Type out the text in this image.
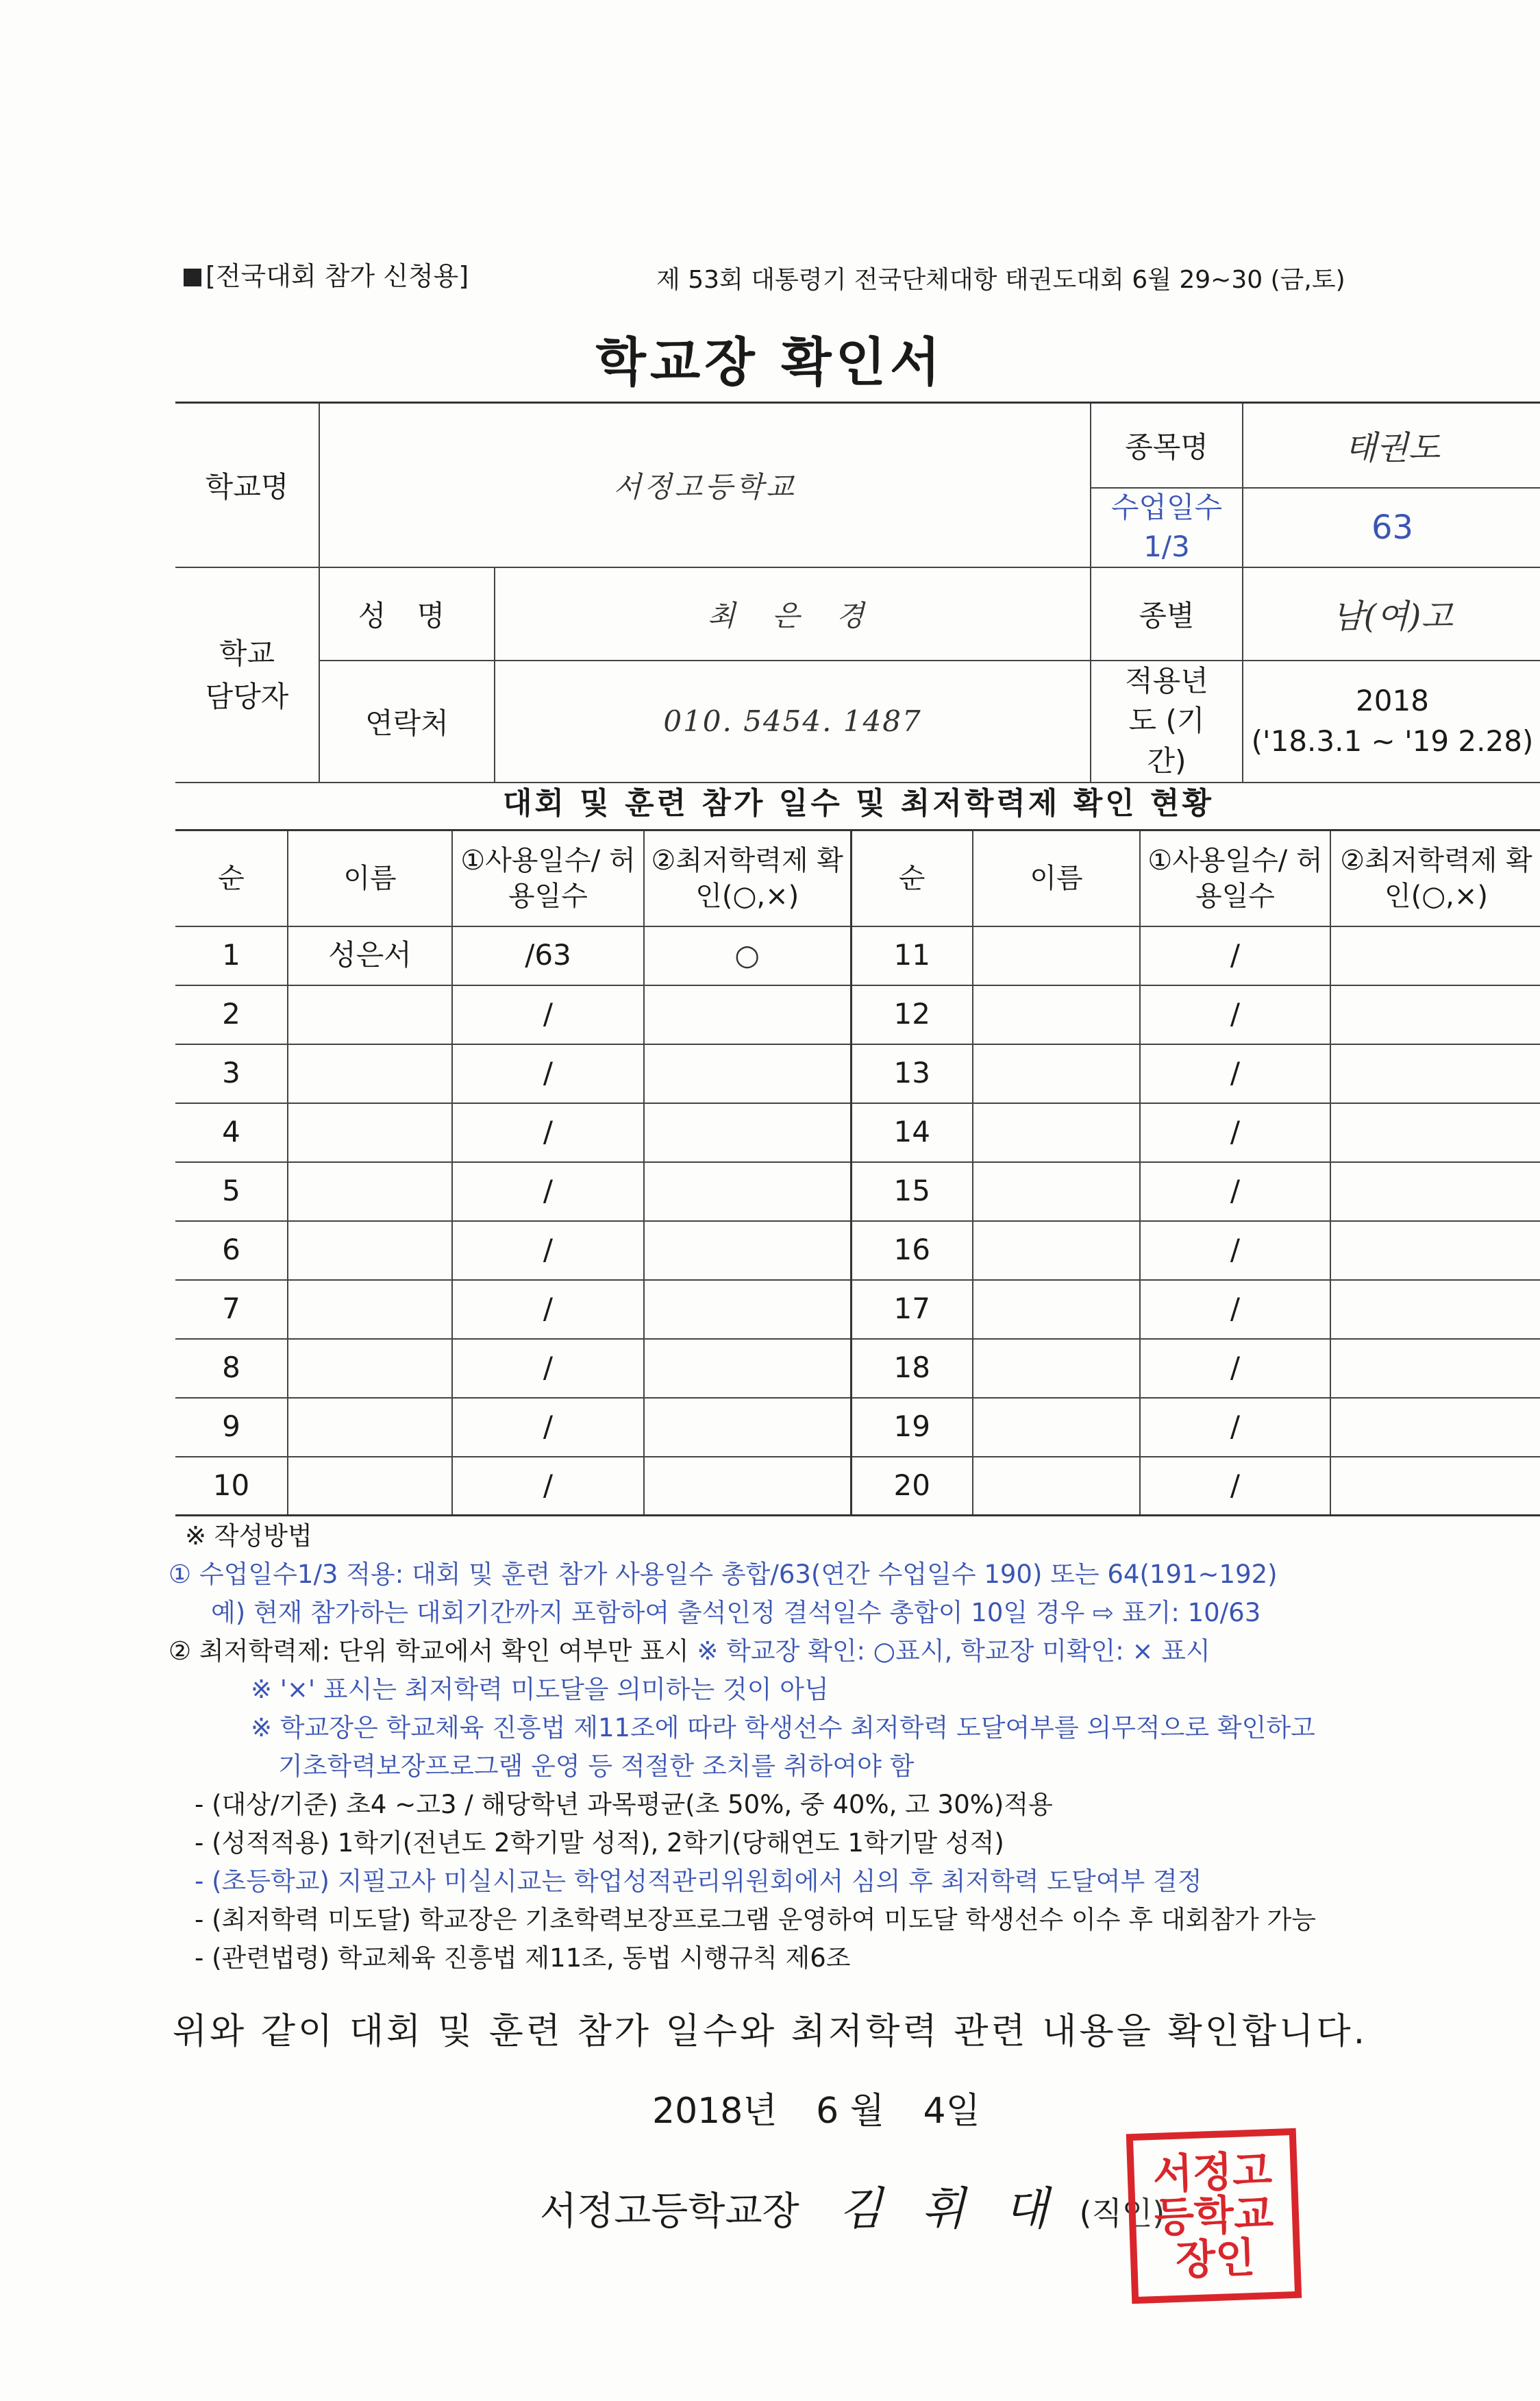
[전국대회 참가 신청용]	제 53회 대통령기 전국단체대항 태권도대회 6월 29~30 (금,토)
학교장 확인서
학교명	서정고등학교		종목명	태권도
			수업일수 1/3	63
학교 담당자	성 명	최 은 경	종별	남(여)고
	연락처	010. 5454. 1487	적용년도 (기간)	2018
('18.3.1 ~ '19 2.28)
대회 및 훈련 참가 일수 및 최저학력제 확인 현황
순	이름	①사용일수/ 허용일수	②최저학력제 확인(○,×)	순	이름	①사용일수/ 허용일수	②최저학력제 확인(○,×)
1	성은서	/63	○	11		/	
2		/		12		/	
3		/		13		/	
4		/		14		/	
5		/		15		/	
6		/		16		/	
7		/		17		/	
8		/		18		/	
9		/		19		/	
10		/		20		/	
※ 작성방법
① 수업일수1/3 적용: 대회 및 훈련 참가 사용일수 총합/63(연간 수업일수 190) 또는 64(191~192)
예) 현재 참가하는 대회기간까지 포함하여 출석인정 결석일수 총합이 10일 경우 ⇨ 표기: 10/63
② 최저학력제: 단위 학교에서 확인 여부만 표시 ※ 학교장 확인: ○표시, 학교장 미확인: × 표시
※ '×' 표시는 최저학력 미도달을 의미하는 것이 아님
※ 학교장은 학교체육 진흥법 제11조에 따라 학생선수 최저학력 도달여부를 의무적으로 확인하고
기초학력보장프로그램 운영 등 적절한 조치를 취하여야 함
- (대상/기준) 초4 ~고3 / 해당학년 과목평균(초 50%, 중 40%, 고 30%)적용
- (성적적용) 1학기(전년도 2학기말 성적), 2학기(당해연도 1학기말 성적)
- (초등학교) 지필고사 미실시교는 학업성적관리위원회에서 심의 후 최저학력 도달여부 결정
- (최저학력 미도달) 학교장은 기초학력보장프로그램 운영하여 미도달 학생선수 이수 후 대회참가 가능
- (관련법령) 학교체육 진흥법 제11조, 동법 시행규칙 제6조
위와 같이 대회 및 훈련 참가 일수와 최저학력 관련 내용을 확인합니다.
2018년 6 월 4일
서정고등학교장 김 휘 대 (직인)
서정고등학교장인
